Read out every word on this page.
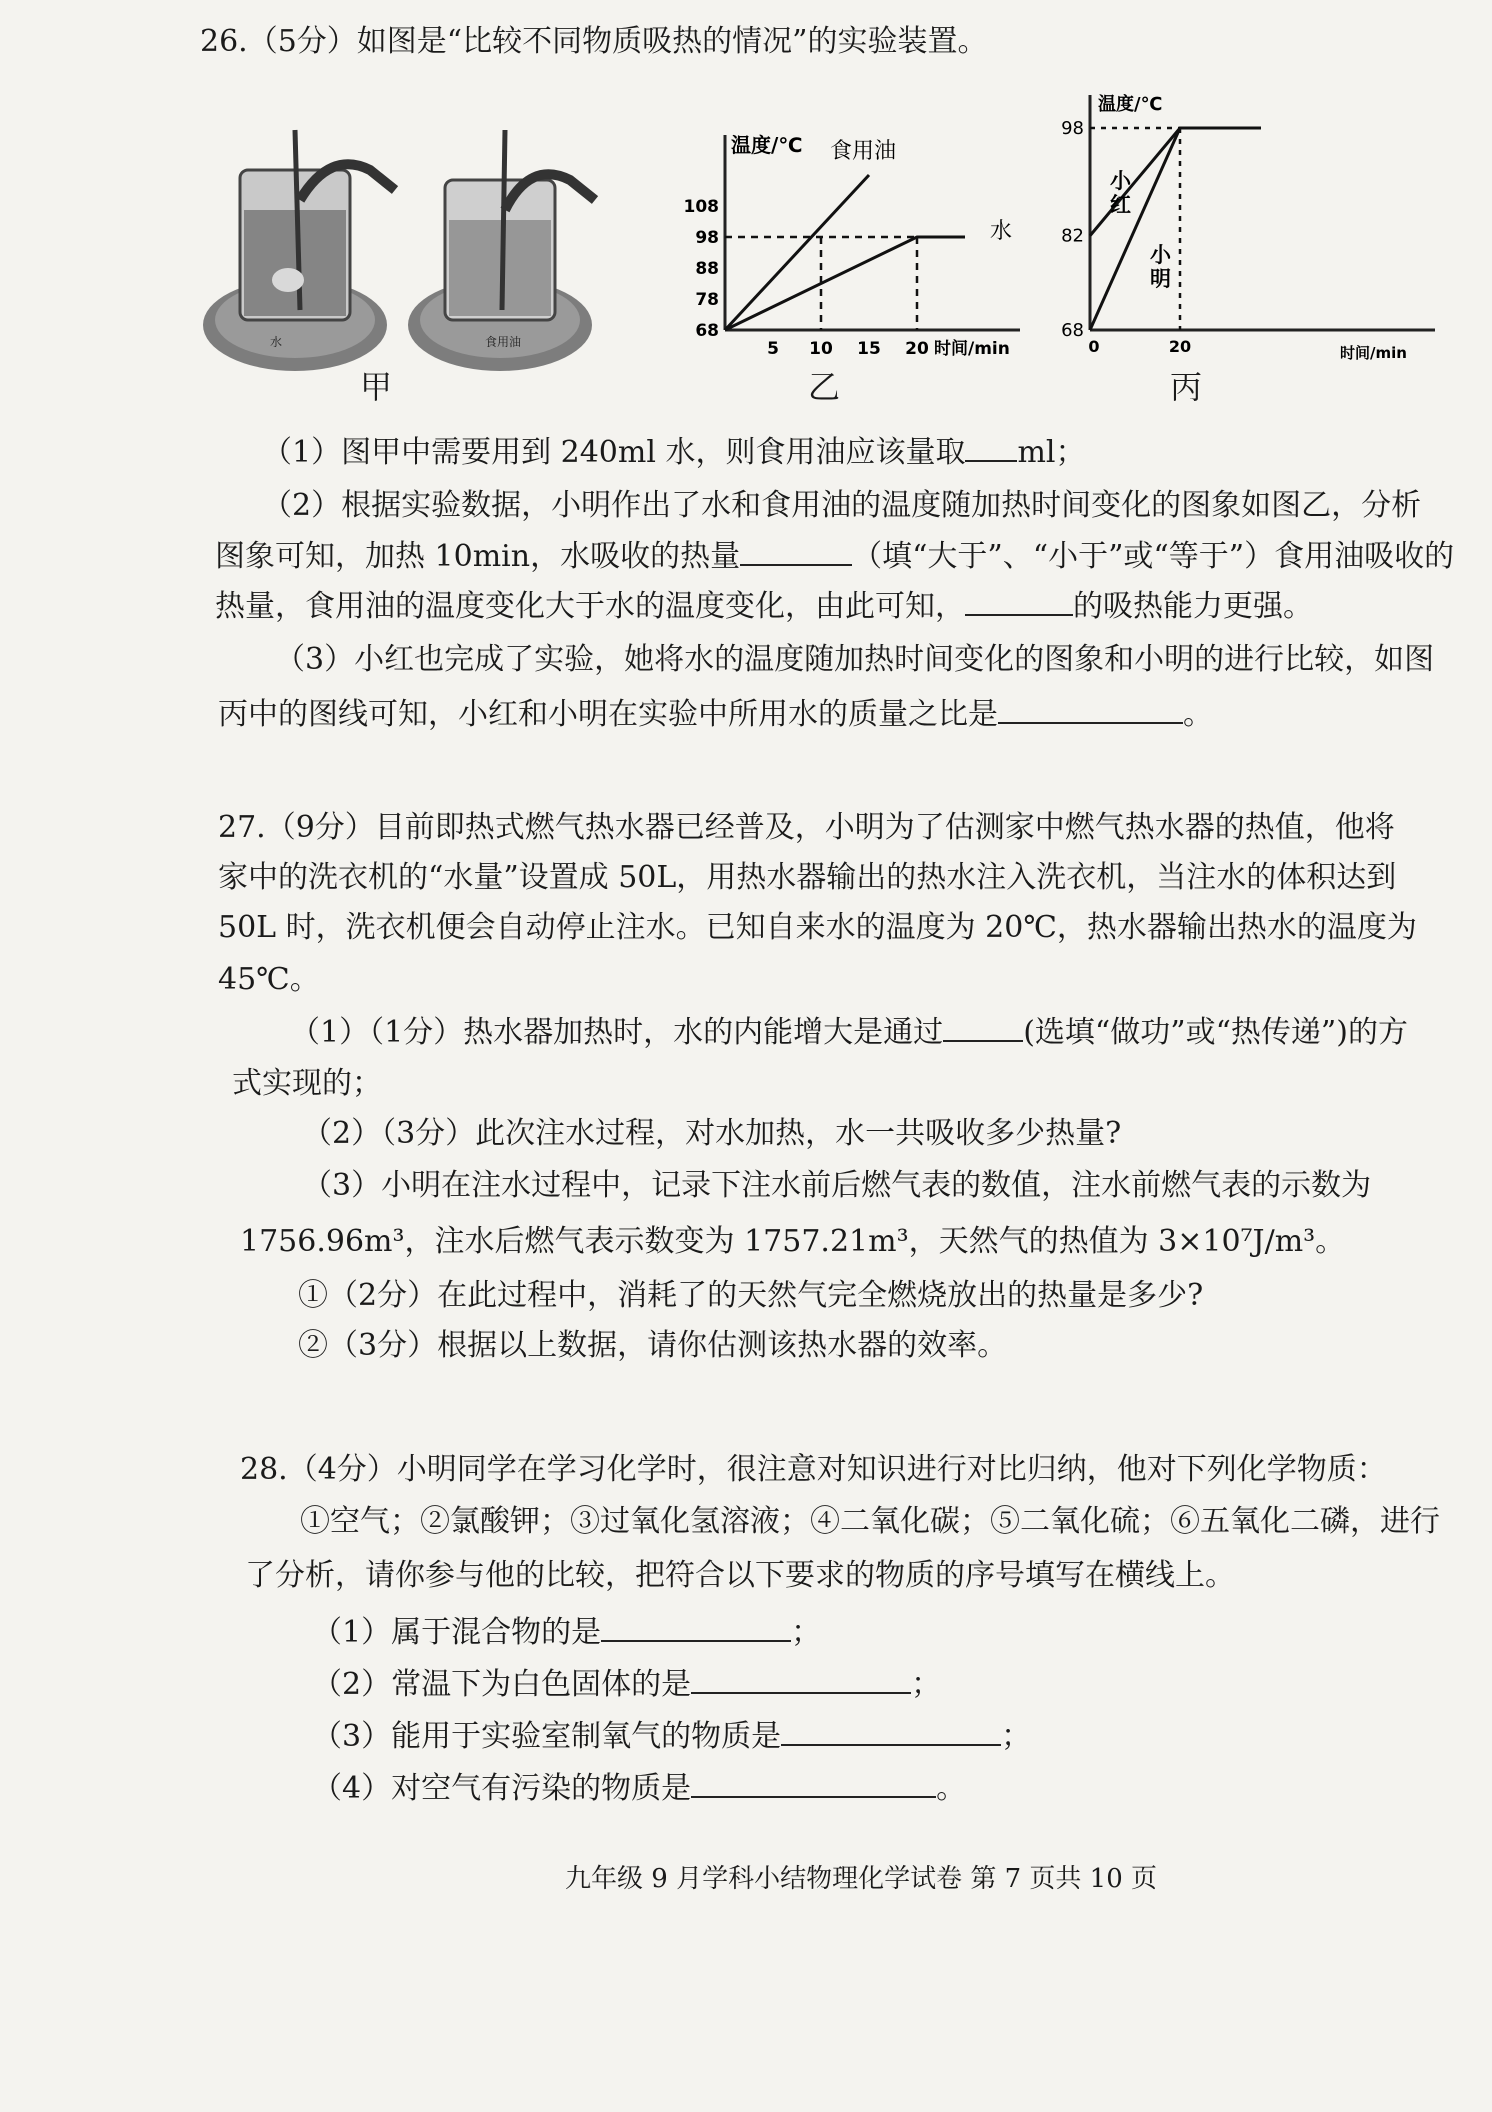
26.（5分）如图是“比较不同物质吸热的情况”的实验装置。
水	食用油
甲
温度/℃
时间/min
68
78
88
98
108
5 10 15 20
食用油
水
乙
温度/℃
时间/min
68
82
98
0	20
小
红
小
明
丙
（1）图甲中需要用到 240ml 水，则食用油应该量取 ml；
（2）根据实验数据，小明作出了水和食用油的温度随加热时间变化的图象如图乙，分析
图象可知，加热 10min，水吸收的热量	（填“大于”、“小于”或“等于”）食用油吸收的
热量，食用油的温度变化大于水的温度变化，由此可知，	的吸热能力更强。
（3）小红也完成了实验，她将水的温度随加热时间变化的图象和小明的进行比较，如图
丙中的图线可知，小红和小明在实验中所用水的质量之比是	。
27.（9分）目前即热式燃气热水器已经普及，小明为了估测家中燃气热水器的热值，他将
家中的洗衣机的“水量”设置成 50L，用热水器输出的热水注入洗衣机，当注水的体积达到
50L 时，洗衣机便会自动停止注水。已知自来水的温度为 20℃，热水器输出热水的温度为
45℃。
（1）（1分）热水器加热时，水的内能增大是通过	(选填“做功”或“热传递”)的方
式实现的；
（2）（3分）此次注水过程，对水加热，水一共吸收多少热量?
（3）小明在注水过程中，记录下注水前后燃气表的数值，注水前燃气表的示数为
1756.96m³，注水后燃气表示数变为 1757.21m³，天然气的热值为 3×10⁷J/m³。
①（2分）在此过程中，消耗了的天然气完全燃烧放出的热量是多少?
②（3分）根据以上数据，请你估测该热水器的效率。
28.（4分）小明同学在学习化学时，很注意对知识进行对比归纳，他对下列化学物质：
①空气；②氯酸钾；③过氧化氢溶液；④二氧化碳；⑤二氧化硫；⑥五氧化二磷，进行
了分析，请你参与他的比较，把符合以下要求的物质的序号填写在横线上。
（1）属于混合物的是	；
（2）常温下为白色固体的是	；
（3）能用于实验室制氧气的物质是	；
（4）对空气有污染的物质是	。
九年级 9 月学科小结物理化学试卷 第 7 页共 10 页
